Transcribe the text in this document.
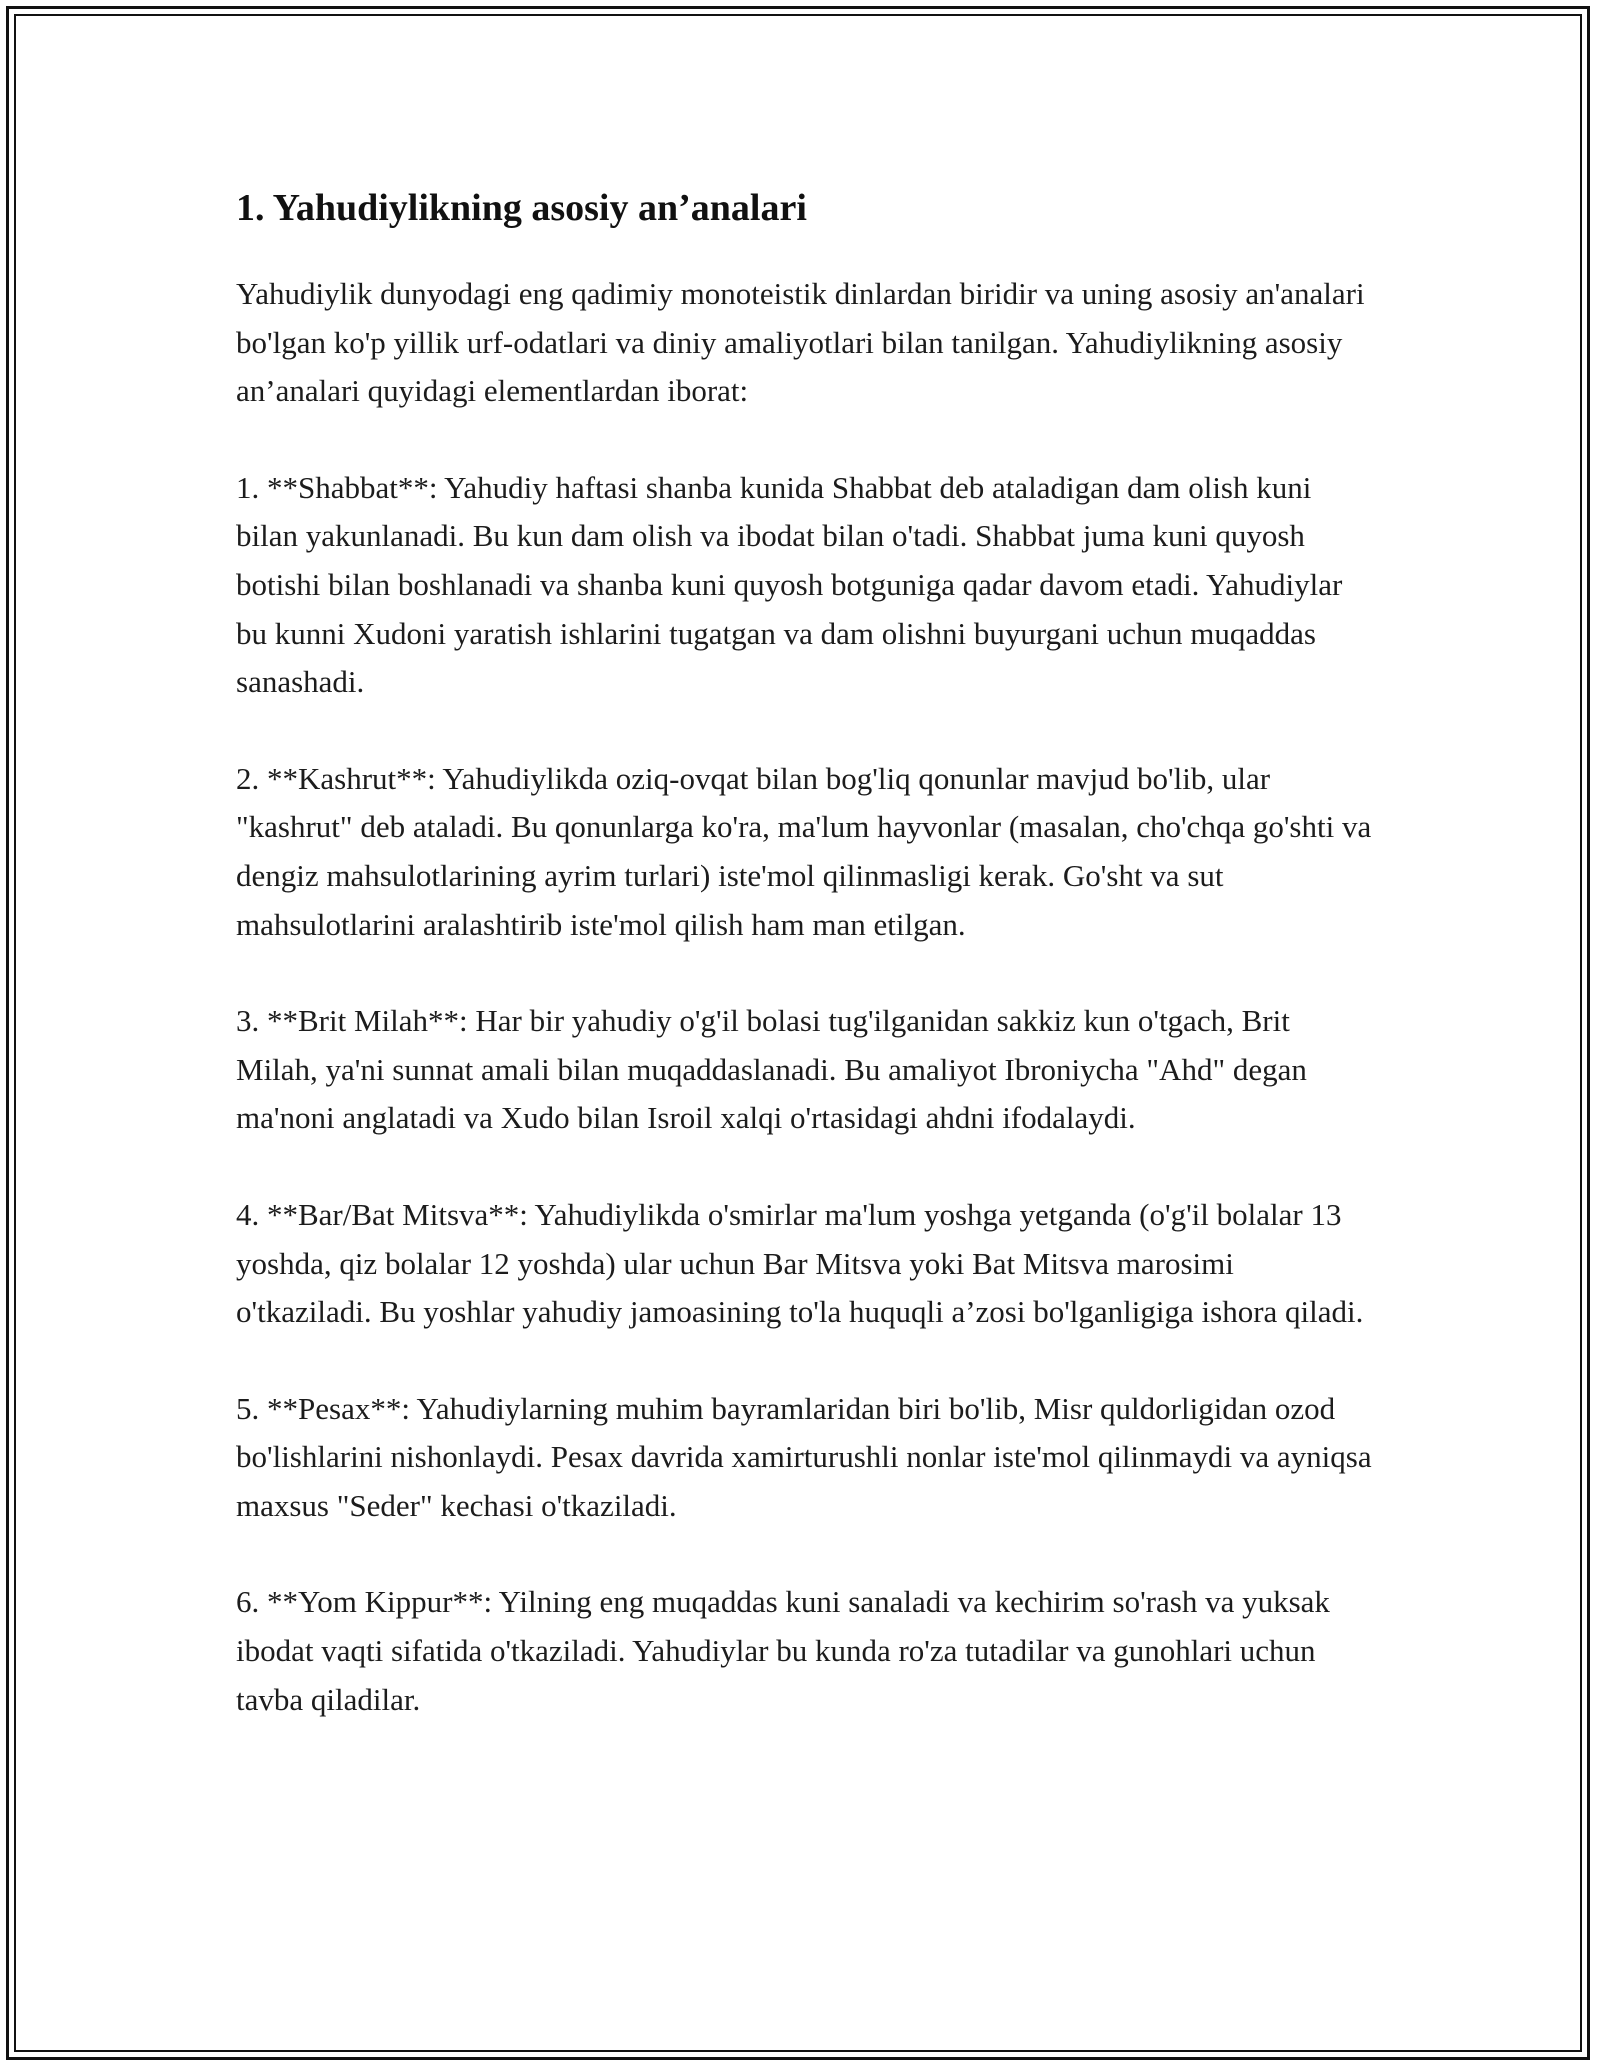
1. Yahudiylikning asosiy an’analari

Yahudiylik dunyodagi eng qadimiy monoteistik dinlardan biridir va uning asosiy an'analari bo'lgan ko'p yillik urf-odatlari va diniy amaliyotlari bilan tanilgan. Yahudiylikning asosiy an’analari quyidagi elementlardan iborat:

1. **Shabbat**: Yahudiy haftasi shanba kunida Shabbat deb ataladigan dam olish kuni bilan yakunlanadi. Bu kun dam olish va ibodat bilan o'tadi. Shabbat juma kuni quyosh botishi bilan boshlanadi va shanba kuni quyosh botguniga qadar davom etadi. Yahudiylar bu kunni Xudoni yaratish ishlarini tugatgan va dam olishni buyurgani uchun muqaddas sanashadi.

2. **Kashrut**: Yahudiylikda oziq-ovqat bilan bog'liq qonunlar mavjud bo'lib, ular "kashrut" deb ataladi. Bu qonunlarga ko'ra, ma'lum hayvonlar (masalan, cho'chqa go'shti va dengiz mahsulotlarining ayrim turlari) iste'mol qilinmasligi kerak. Go'sht va sut mahsulotlarini aralashtirib iste'mol qilish ham man etilgan.

3. **Brit Milah**: Har bir yahudiy o'g'il bolasi tug'ilganidan sakkiz kun o'tgach, Brit Milah, ya'ni sunnat amali bilan muqaddaslanadi. Bu amaliyot Ibroniycha "Ahd" degan ma'noni anglatadi va Xudo bilan Isroil xalqi o'rtasidagi ahdni ifodalaydi.

4. **Bar/Bat Mitsva**: Yahudiylikda o'smirlar ma'lum yoshga yetganda (o'g'il bolalar 13 yoshda, qiz bolalar 12 yoshda) ular uchun Bar Mitsva yoki Bat Mitsva marosimi o'tkaziladi. Bu yoshlar yahudiy jamoasining to'la huquqli a’zosi bo'lganligiga ishora qiladi.

5. **Pesax**: Yahudiylarning muhim bayramlaridan biri bo'lib, Misr quldorligidan ozod bo'lishlarini nishonlaydi. Pesax davrida xamirturushli nonlar iste'mol qilinmaydi va ayniqsa maxsus "Seder" kechasi o'tkaziladi.

6. **Yom Kippur**: Yilning eng muqaddas kuni sanaladi va kechirim so'rash va yuksak ibodat vaqti sifatida o'tkaziladi. Yahudiylar bu kunda ro'za tutadilar va gunohlari uchun tavba qiladilar.
